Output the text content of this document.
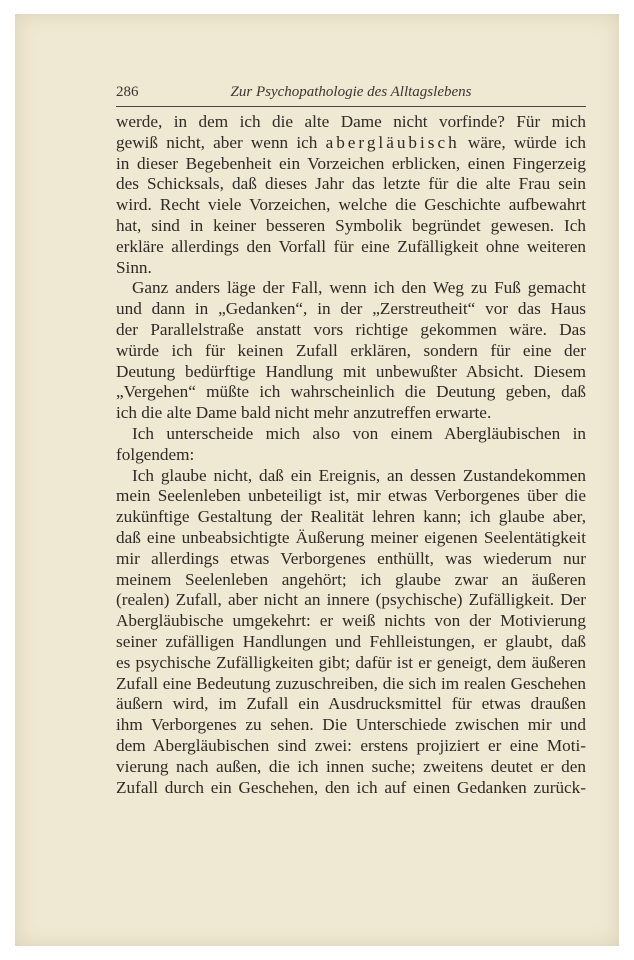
286	Zur Psychopathologie des Alltagslebens
werde, in dem ich die alte Dame nicht vorfinde? Für mich
gewiß nicht, aber wenn ich abergläubisch wäre, würde ich
in dieser Begebenheit ein Vorzeichen erblicken, einen Fingerzeig
des Schicksals, daß dieses Jahr das letzte für die alte Frau sein
wird. Recht viele Vorzeichen, welche die Geschichte aufbewahrt
hat, sind in keiner besseren Symbolik begründet gewesen. Ich
erkläre allerdings den Vorfall für eine Zufälligkeit ohne weiteren
Sinn.
Ganz anders läge der Fall, wenn ich den Weg zu Fuß gemacht
und dann in „Gedanken“, in der „Zerstreutheit“ vor das Haus
der Parallelstraße anstatt vors richtige gekommen wäre. Das
würde ich für keinen Zufall erklären, sondern für eine der
Deutung bedürftige Handlung mit unbewußter Absicht. Diesem
„Vergehen“ müßte ich wahrscheinlich die Deutung geben, daß
ich die alte Dame bald nicht mehr anzutreffen erwarte.
Ich unterscheide mich also von einem Abergläubischen in
folgendem:
Ich glaube nicht, daß ein Ereignis, an dessen Zustandekommen
mein Seelenleben unbeteiligt ist, mir etwas Verborgenes über die
zukünftige Gestaltung der Realität lehren kann; ich glaube aber,
daß eine unbeabsichtigte Äußerung meiner eigenen Seelentätigkeit
mir allerdings etwas Verborgenes enthüllt, was wiederum nur
meinem Seelenleben angehört; ich glaube zwar an äußeren
(realen) Zufall, aber nicht an innere (psychische) Zufälligkeit. Der
Abergläubische umgekehrt: er weiß nichts von der Motivierung
seiner zufälligen Handlungen und Fehlleistungen, er glaubt, daß
es psychische Zufälligkeiten gibt; dafür ist er geneigt, dem äußeren
Zufall eine Bedeutung zuzuschreiben, die sich im realen Geschehen
äußern wird, im Zufall ein Ausdrucksmittel für etwas draußen
ihm Verborgenes zu sehen. Die Unterschiede zwischen mir und
dem Abergläubischen sind zwei: erstens projiziert er eine Moti-
vierung nach außen, die ich innen suche; zweitens deutet er den
Zufall durch ein Geschehen, den ich auf einen Gedanken zurück-
